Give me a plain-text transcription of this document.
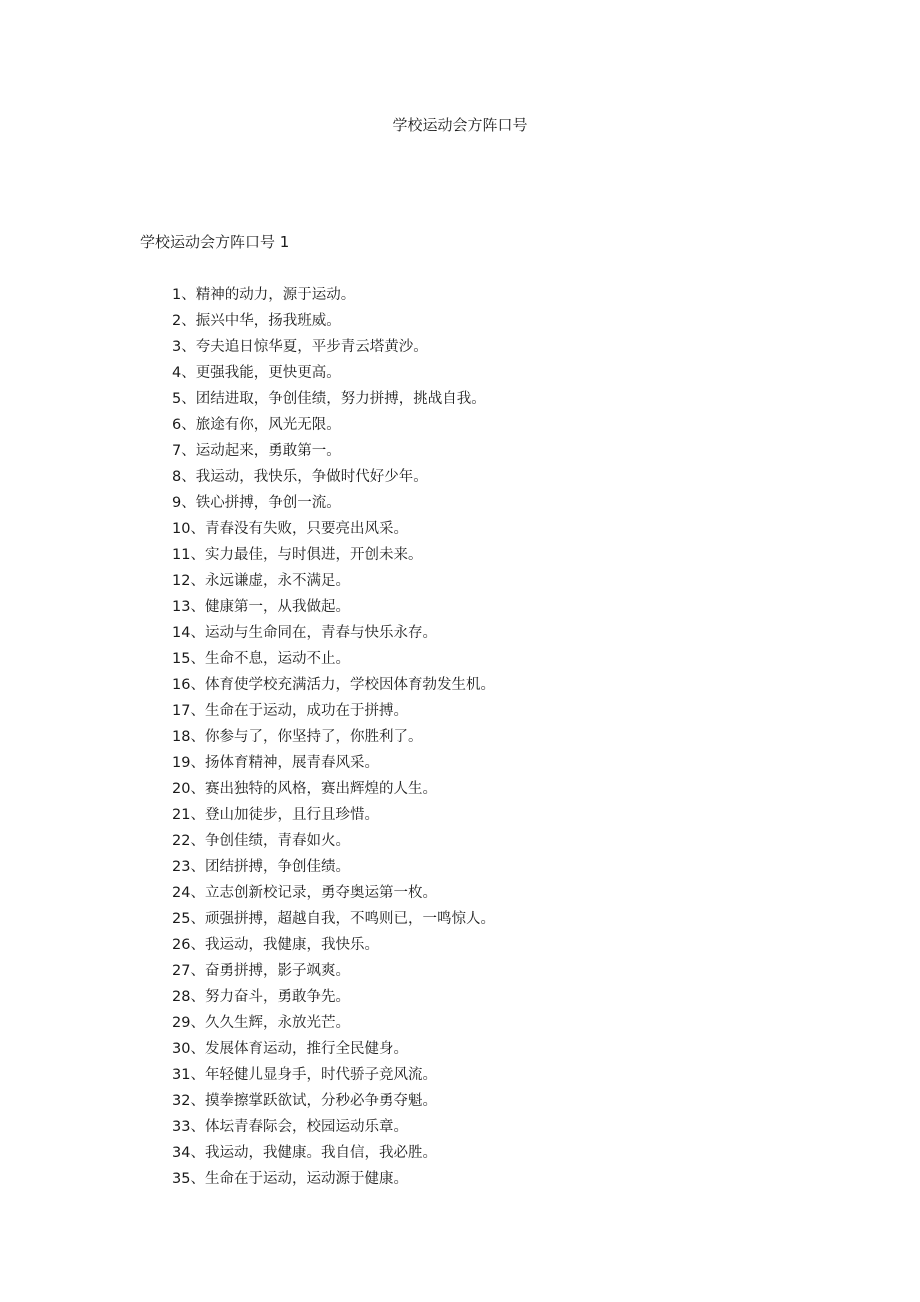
学校运动会方阵口号
学校运动会方阵口号 1
1、精神的动力，源于运动。
2、振兴中华，扬我班威。
3、夸夫追日惊华夏，平步青云塔黄沙。
4、更强我能，更快更高。
5、团结进取，争创佳绩，努力拼搏，挑战自我。
6、旅途有你，风光无限。
7、运动起来，勇敢第一。
8、我运动，我快乐，争做时代好少年。
9、铁心拼搏，争创一流。
10、青春没有失败，只要亮出风采。
11、实力最佳，与时俱进，开创未来。
12、永远谦虚，永不满足。
13、健康第一，从我做起。
14、运动与生命同在，青春与快乐永存。
15、生命不息，运动不止。
16、体育使学校充满活力，学校因体育勃发生机。
17、生命在于运动，成功在于拼搏。
18、你参与了，你坚持了，你胜利了。
19、扬体育精神，展青春风采。
20、赛出独特的风格，赛出辉煌的人生。
21、登山加徒步，且行且珍惜。
22、争创佳绩，青春如火。
23、团结拼搏，争创佳绩。
24、立志创新校记录，勇夺奥运第一枚。
25、顽强拼搏，超越自我，不鸣则已，一鸣惊人。
26、我运动，我健康，我快乐。
27、奋勇拼搏，影子飒爽。
28、努力奋斗，勇敢争先。
29、久久生辉，永放光芒。
30、发展体育运动，推行全民健身。
31、年轻健儿显身手，时代骄子竞风流。
32、摸拳擦掌跃欲试，分秒必争勇夺魁。
33、体坛青春际会，校园运动乐章。
34、我运动，我健康。我自信，我必胜。
35、生命在于运动，运动源于健康。
